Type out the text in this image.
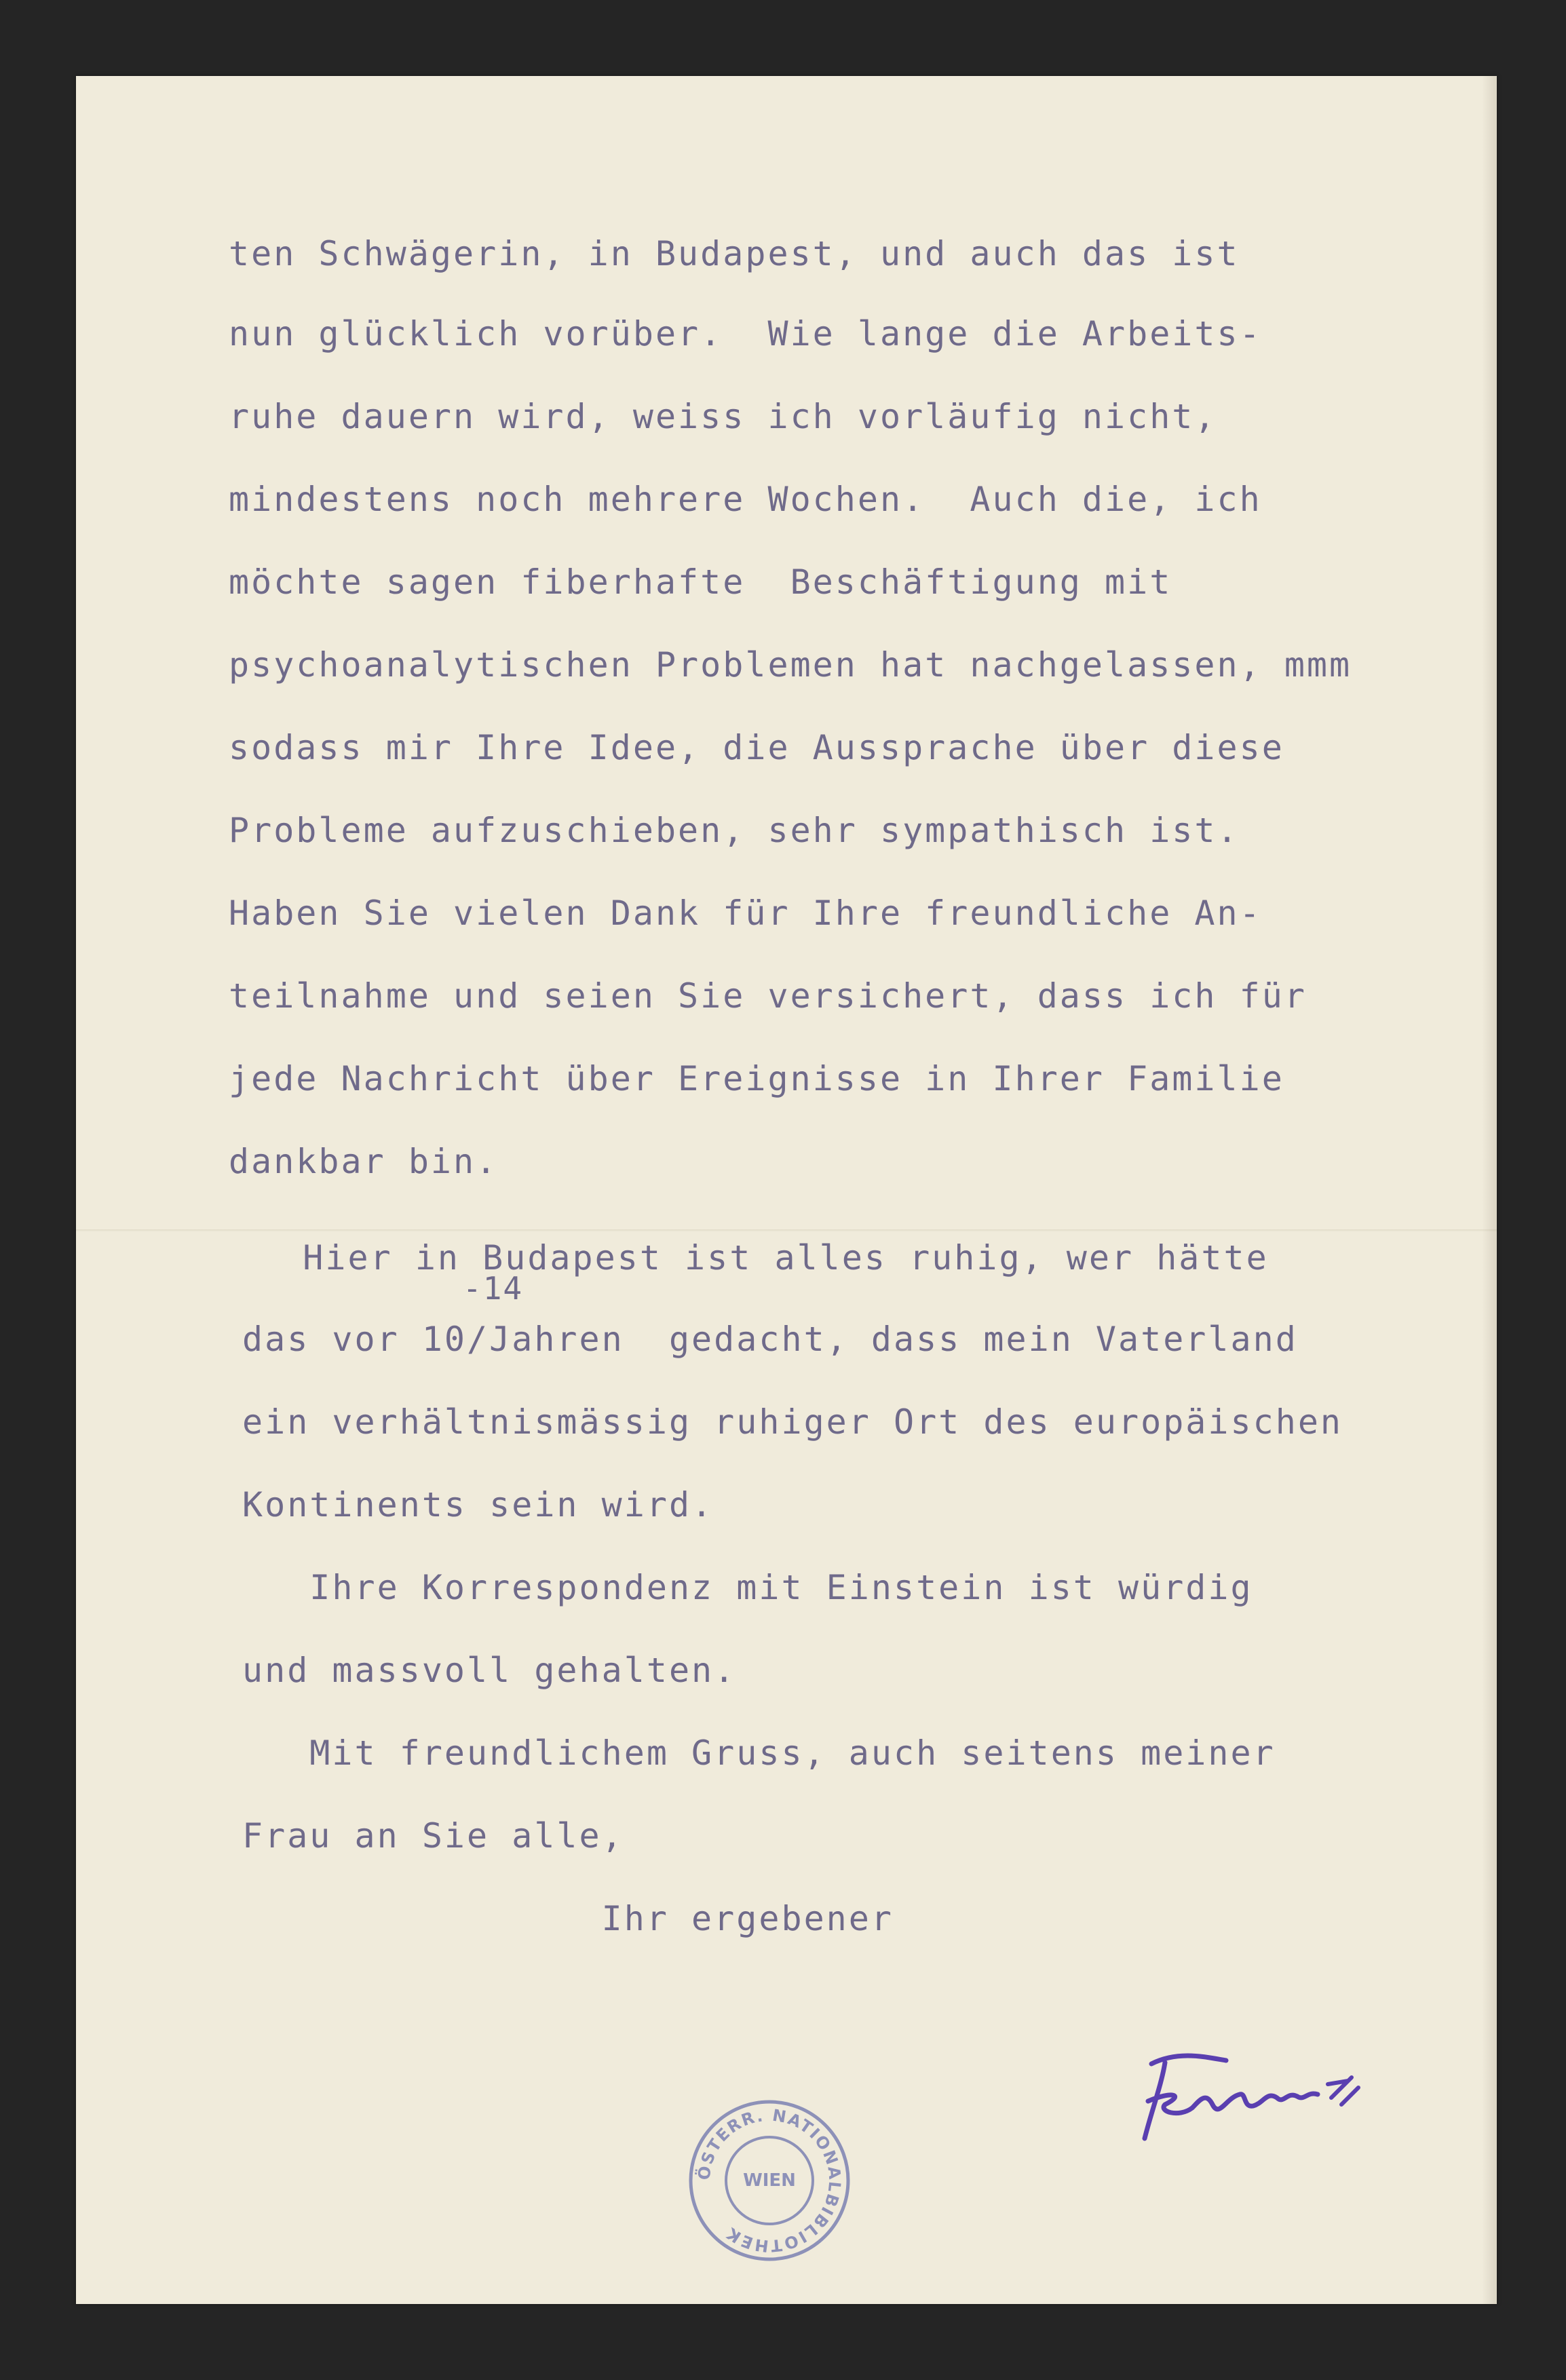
ten Schwägerin, in Budapest, und auch das ist
nun glücklich vorüber.  Wie lange die Arbeits-
ruhe dauern wird, weiss ich vorläufig nicht,
mindestens noch mehrere Wochen.  Auch die, ich
möchte sagen fiberhafte  Beschäftigung mit
psychoanalytischen Problemen hat nachgelassen, mmm
sodass mir Ihre Idee, die Aussprache über diese
Probleme aufzuschieben, sehr sympathisch ist.
Haben Sie vielen Dank für Ihre freundliche An-
teilnahme und seien Sie versichert, dass ich für
jede Nachricht über Ereignisse in Ihrer Familie
dankbar bin.
Hier in Budapest ist alles ruhig, wer hätte
-14
das vor 10/Jahren  gedacht, dass mein Vaterland
ein verhältnismässig ruhiger Ort des europäischen
Kontinents sein wird.
Ihre Korrespondenz mit Einstein ist würdig
und massvoll gehalten.
Mit freundlichem Gruss, auch seitens meiner
Frau an Sie alle,
Ihr ergebener
ÖSTERR. NATIONALBIBLIOTHEK
WIEN
